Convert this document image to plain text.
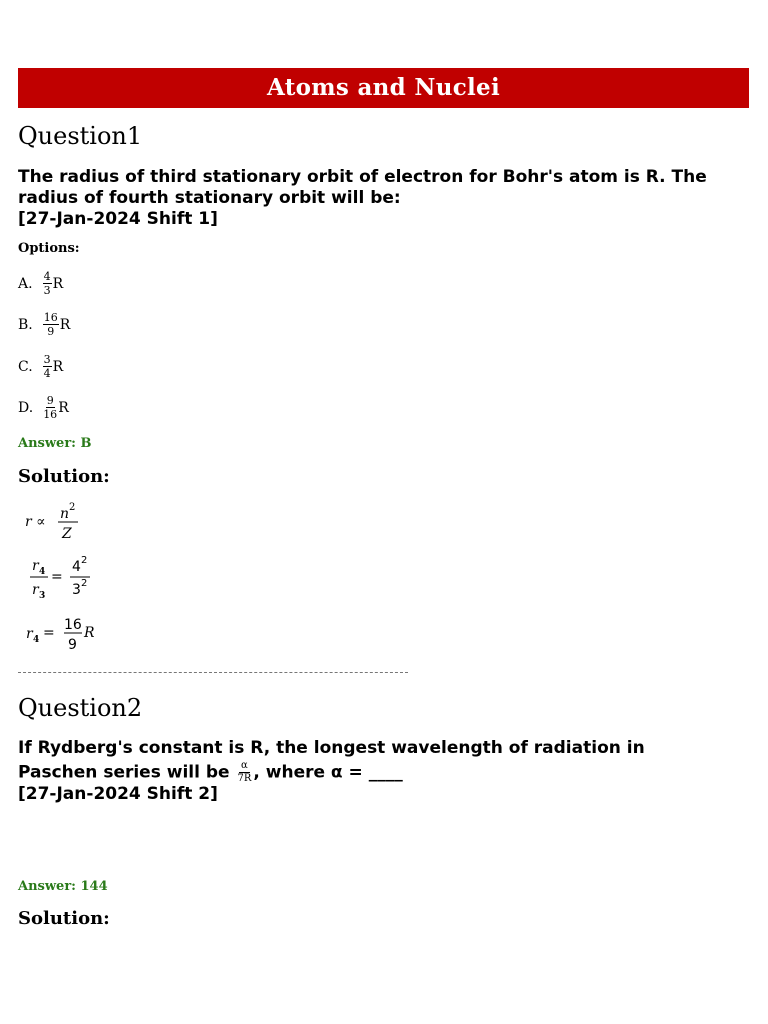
Atoms and Nuclei
Question1
The radius of third stationary orbit of electron for Bohr's atom is R. The
radius of fourth stationary orbit will be:
[27-Jan-2024 Shift 1]
Options:
A. $\frac{4}{3}$ R
B. $\frac{16}{9}$ R
C. $\frac{3}{4}$ R
D. $\frac{9}{16}$ R
Answer: B
Solution:
r ∝ n 2
Z
r 4
r 3
=
4 2
3 2
r 4 = 16
9
R
Question2
If Rydberg's constant is R, the longest wavelength of radiation in
Paschen series will be $\frac{\alpha}{7R}$ , where α = ____
[27-Jan-2024 Shift 2]
Answer: 144
Solution:
